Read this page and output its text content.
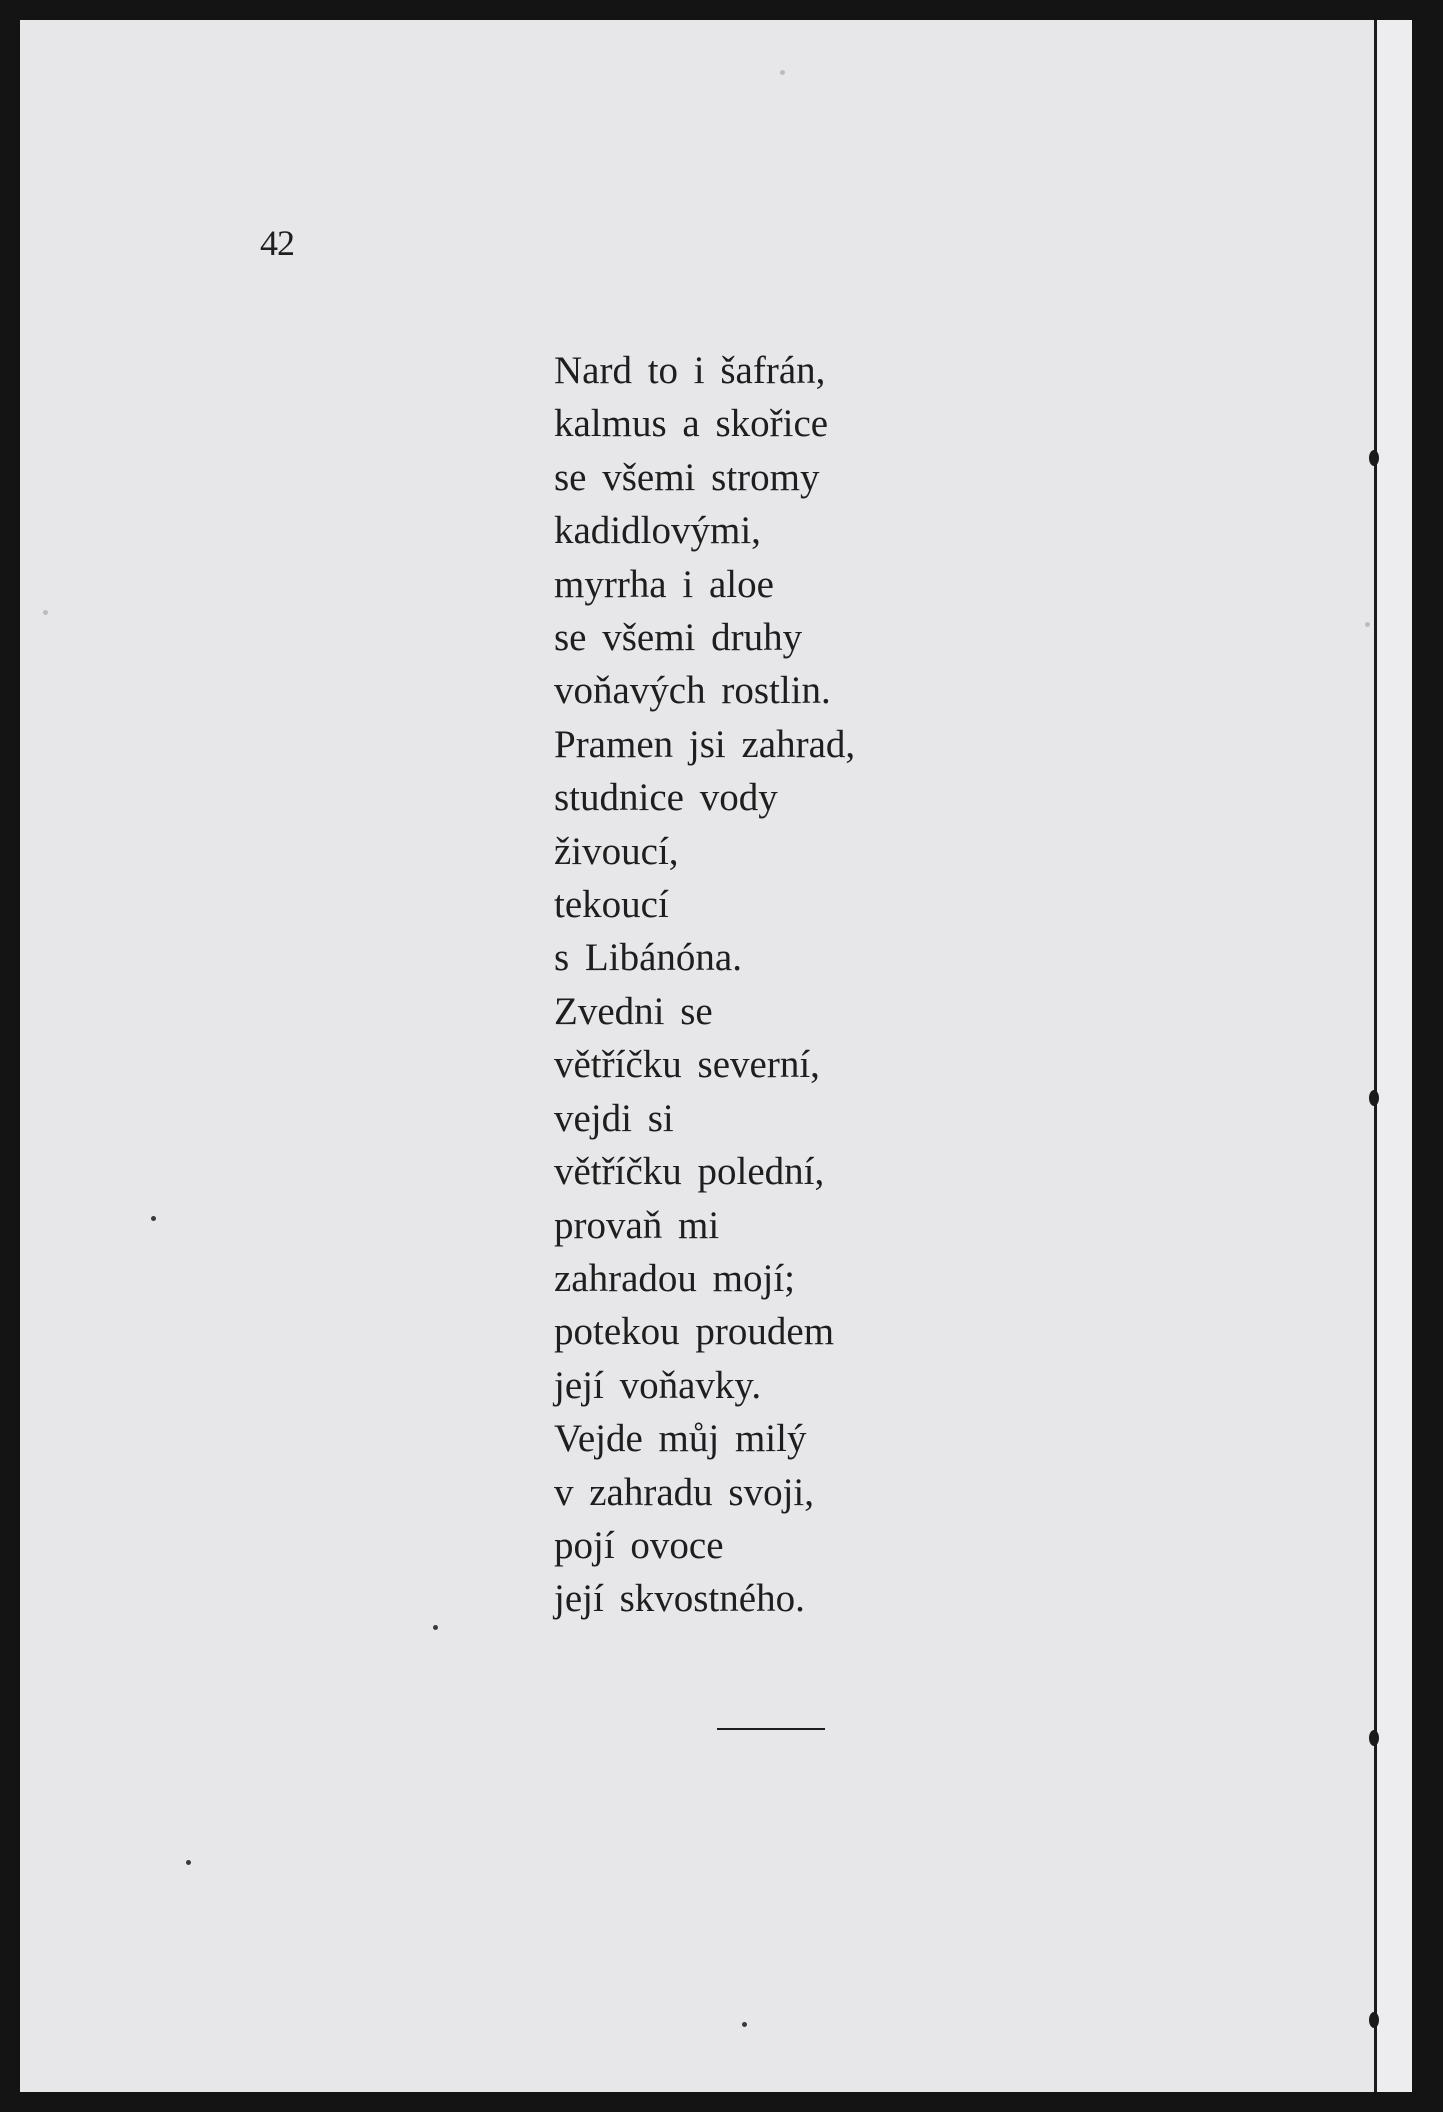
42
Nard to i šafrán,
kalmus a skořice
se všemi stromy
kadidlovými,
myrrha i aloe
se všemi druhy
voňavých rostlin.
Pramen jsi zahrad,
studnice vody
živoucí,
tekoucí
s Libánóna.
Zvedni se
větříčku severní,
vejdi si
větříčku polední,
provaň mi
zahradou mojí;
potekou proudem
její voňavky.
Vejde můj milý
v zahradu svoji,
pojí ovoce
její skvostného.
